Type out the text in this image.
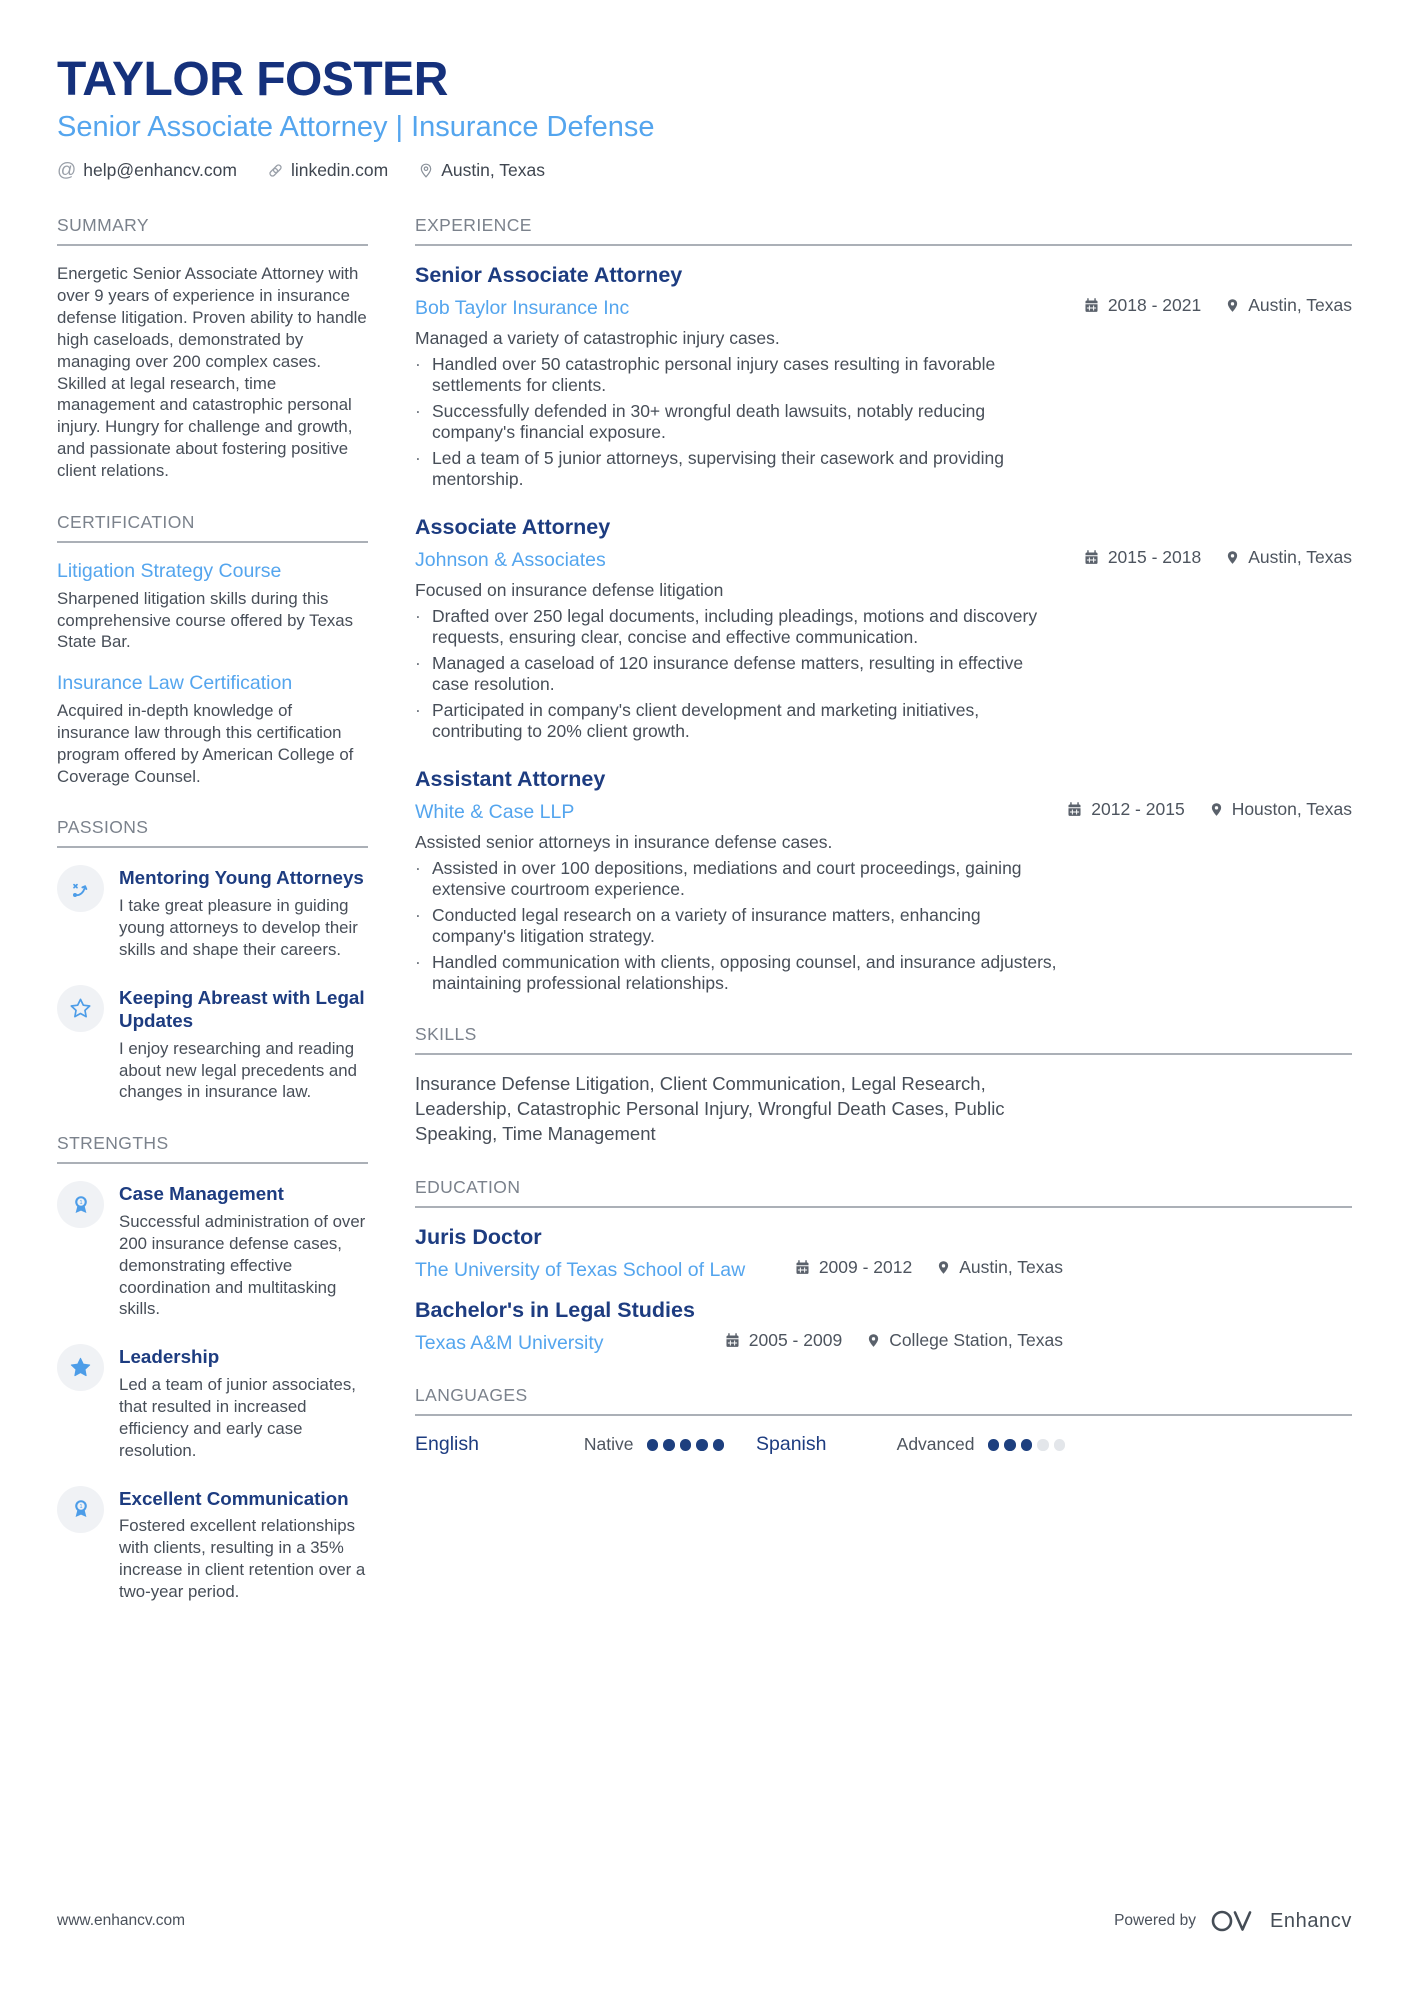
TAYLOR FOSTER
Senior Associate Attorney | Insurance Defense
@ help@enhancv.com	linkedin.com	Austin, Texas
SUMMARY

Energetic Senior Associate Attorney with over 9 years of experience in insurance defense litigation. Proven ability to handle high caseloads, demonstrated by managing over 200 complex cases. Skilled at legal research, time management and catastrophic personal injury. Hungry for challenge and growth, and passionate about fostering positive client relations.

CERTIFICATION
Litigation Strategy Course

Sharpened litigation skills during this comprehensive course offered by Texas State Bar.

Insurance Law Certification

Acquired in-depth knowledge of insurance law through this certification program offered by American College of Coverage Counsel.

PASSIONS
Mentoring Young Attorneys

I take great pleasure in guiding young attorneys to develop their skills and shape their careers.

Keeping Abreast with Legal Updates

I enjoy researching and reading about new legal precedents and changes in insurance law.

STRENGTHS
1 Case Management

Successful administration of over 200 insurance defense cases, demonstrating effective coordination and multitasking skills.

Leadership

Led a team of junior associates, that resulted in increased efficiency and early case resolution.

1 Excellent Communication

Fostered excellent relationships with clients, resulting in a 35% increase in client retention over a two-year period.

EXPERIENCE
Senior Associate Attorney
Bob Taylor Insurance Inc	2018 - 2021	Austin, Texas

Managed a variety of catastrophic injury cases.

· Handled over 50 catastrophic personal injury cases resulting in favorable settlements for clients.
· Successfully defended in 30+ wrongful death lawsuits, notably reducing company's financial exposure.
· Led a team of 5 junior attorneys, supervising their casework and providing mentorship.
Associate Attorney
Johnson & Associates	2015 - 2018	Austin, Texas

Focused on insurance defense litigation

· Drafted over 250 legal documents, including pleadings, motions and discovery requests, ensuring clear, concise and effective communication.
· Managed a caseload of 120 insurance defense matters, resulting in effective case resolution.
· Participated in company's client development and marketing initiatives, contributing to 20% client growth.
Assistant Attorney
White & Case LLP	2012 - 2015	Houston, Texas

Assisted senior attorneys in insurance defense cases.

· Assisted in over 100 depositions, mediations and court proceedings, gaining extensive courtroom experience.
· Conducted legal research on a variety of insurance matters, enhancing company's litigation strategy.
· Handled communication with clients, opposing counsel, and insurance adjusters, maintaining professional relationships.
SKILLS

Insurance Defense Litigation, Client Communication, Legal Research, Leadership, Catastrophic Personal Injury, Wrongful Death Cases, Public Speaking, Time Management

EDUCATION
Juris Doctor
The University of Texas School of Law	2009 - 2012	Austin, Texas
Bachelor's in Legal Studies
Texas A&M University	2005 - 2009	College Station, Texas
LANGUAGES
English	Native	Spanish	Advanced
www.enhancv.com	Powered by	Enhancv
